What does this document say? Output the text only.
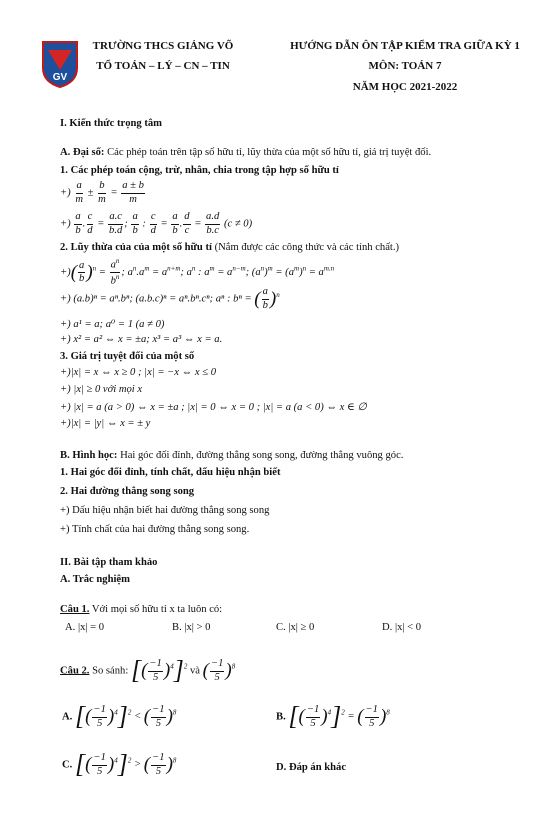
GV
TRƯỜNG THCS GIẢNG VÕ
TỔ TOÁN – LÝ – CN – TIN
HƯỚNG DẪN ÔN TẬP KIỂM TRA GIỮA KỲ 1
MÔN: TOÁN 7
NĂM HỌC 2021-2022
I. Kiến thức trọng tâm
A. Đại số: Các phép toán trên tập số hữu tỉ, lũy thừa của một số hữu tỉ, giá trị tuyệt đối.
1. Các phép toán cộng, trừ, nhân, chia trong tập hợp số hữu tỉ
+) $\frac{a}{m} \pm \frac{b}{m} = \frac{a \pm b}{m}$
+) $\frac{a}{b}$ . $\frac{c}{d} = \frac{a.c}{b.d}$ ; $\frac{a}{b}$ : $\frac{c}{d} = \frac{a}{b}$ . $\frac{d}{c} = \frac{a.d}{b.c} (c \ne 0)$
2. Lũy thừa của của một số hữu tỉ (Nắm được các công thức và các tính chất.)
+)( $\frac{a}{b} )^n = \frac{a^n}{b^n}$ ; $a^n.a^m = a^{n+m}$; $a^n$ : $a^m = a^{n-m}$; $(a^n)^m = (a^m)^n = a^{m.n}$
+) (a.b)ⁿ = aⁿ.bⁿ; (a.b.c)ⁿ = aⁿ.bⁿ.cⁿ; aⁿ : bⁿ = ( $\frac{a}{b} )^n$
+) a¹ = a; a⁰ = 1 (a ≠ 0)
+) x² = a² ⇔ x = ±a; x³ = a³ ⇔ x = a.
3. Giá trị tuyệt đối của một số
+)|x| = x ⇔ x ≥ 0 ; |x| = −x ⇔ x ≤ 0
+) |x| ≥ 0 với mọi x
+) |x| = a (a > 0) ⇔ x = ±a ; |x| = 0 ⇔ x = 0 ; |x| = a (a < 0) ⇔ x ∈ ∅
+)|x| = |y| ⇔ x = ± y
B. Hình học: Hai góc đối đỉnh, đường thẳng song song, đường thẳng vuông góc.
1. Hai góc đối đỉnh, tính chất, dấu hiệu nhận biết
2. Hai đường thẳng song song
+) Dấu hiệu nhận biết hai đường thẳng song song
+) Tính chất của hai đường thẳng song song.
II. Bài tập tham khảo
A. Trắc nghiệm
Câu 1. Với mọi số hữu tỉ x ta luôn có:
A. |x| = 0	B. |x| > 0	C. |x| ≥ 0	D. |x| < 0
Câu 2. So sánh: [( $\frac{-1}{5} )^4]^2$ và ( $\frac{-1}{5} )^8$
A. [( $\frac{-1}{5} )^4]^2$ < ( $\frac{-1}{5} )^8$	B. [( $\frac{-1}{5} )^4]^2$ = ( $\frac{-1}{5} )^8$
C. [( $\frac{-1}{5} )^4]^2$ > ( $\frac{-1}{5} )^8$
D. Đáp án khác
